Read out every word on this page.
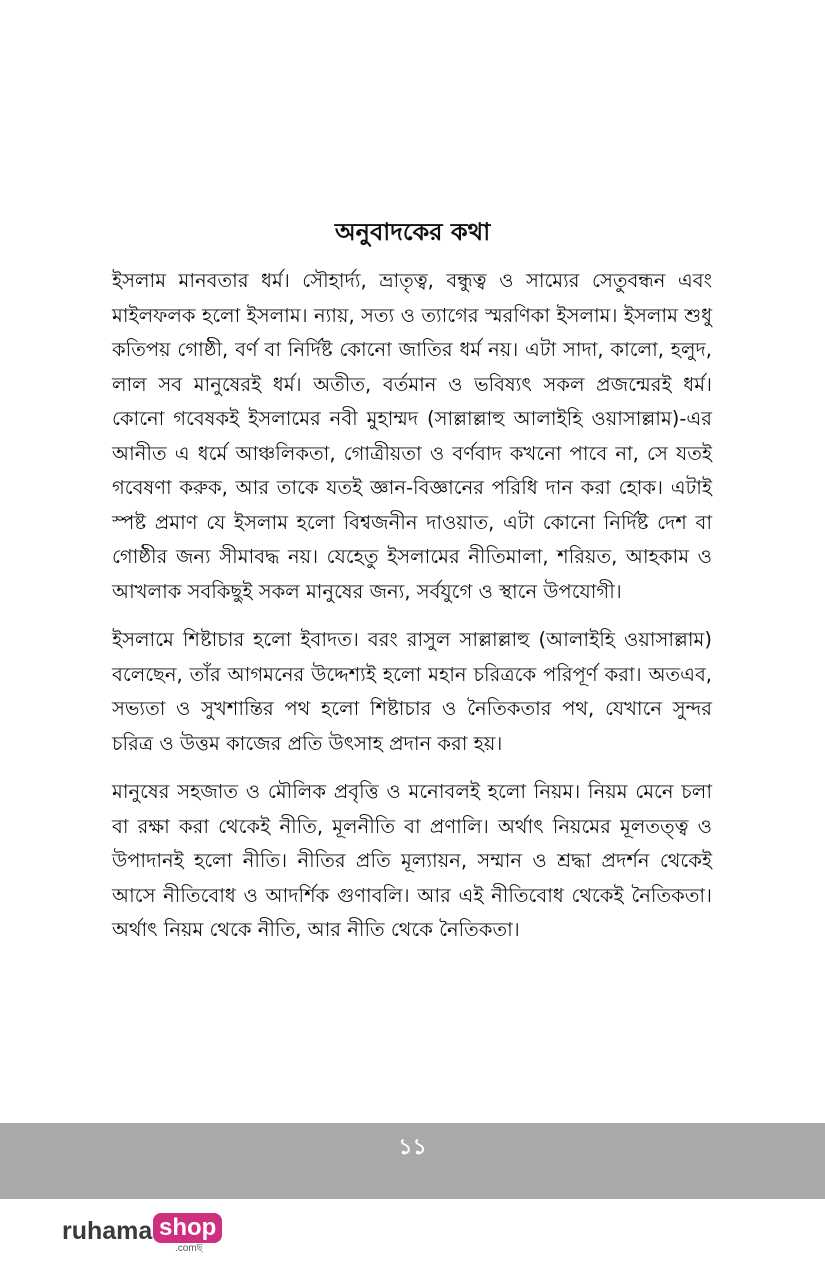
অনুবাদকের কথা

ইসলাম মানবতার ধর্ম। সৌহার্দ্য, ভ্রাতৃত্ব, বন্ধুত্ব ও সাম্যের সেতুবন্ধন এবং মাইলফলক হলো ইসলাম। ন্যায়, সত্য ও ত্যাগের স্মরণিকা ইসলাম। ইসলাম শুধু কতিপয় গোষ্ঠী, বর্ণ বা নির্দিষ্ট কোনো জাতির ধর্ম নয়। এটা সাদা, কালো, হলুদ, লাল সব মানুষেরই ধর্ম। অতীত, বর্তমান ও ভবিষ্যৎ সকল প্রজন্মেরই ধর্ম। কোনো গবেষকই ইসলামের নবী মুহাম্মদ (সাল্লাল্লাহু আলাইহি ওয়াসাল্লাম)-এর আনীত এ ধর্মে আঞ্চলিকতা, গোত্রীয়তা ও বর্ণবাদ কখনো পাবে না, সে যতই গবেষণা করুক, আর তাকে যতই জ্ঞান-বিজ্ঞানের পরিধি দান করা হোক। এটাই স্পষ্ট প্রমাণ যে ইসলাম হলো বিশ্বজনীন দাওয়াত, এটা কোনো নির্দিষ্ট দেশ বা গোষ্ঠীর জন্য সীমাবদ্ধ নয়। যেহেতু ইসলামের নীতিমালা, শরিয়ত, আহকাম ও আখলাক সবকিছুই সকল মানুষের জন্য, সর্বযুগে ও স্থানে উপযোগী।

ইসলামে শিষ্টাচার হলো ইবাদত। বরং রাসুল সাল্লাল্লাহু (আলাইহি ওয়াসাল্লাম) বলেছেন, তাঁর আগমনের উদ্দেশ্যই হলো মহান চরিত্রকে পরিপূর্ণ করা। অতএব, সভ্যতা ও সুখশান্তির পথ হলো শিষ্টাচার ও নৈতিকতার পথ, যেখানে সুন্দর চরিত্র ও উত্তম কাজের প্রতি উৎসাহ প্রদান করা হয়।

মানুষের সহজাত ও মৌলিক প্রবৃত্তি ও মনোবলই হলো নিয়ম। নিয়ম মেনে চলা বা রক্ষা করা থেকেই নীতি, মূলনীতি বা প্রণালি। অর্থাৎ নিয়মের মূলতত্ত্ব ও উপাদানই হলো নীতি। নীতির প্রতি মূল্যায়ন, সম্মান ও শ্রদ্ধা প্রদর্শন থেকেই আসে নীতিবোধ ও আদর্শিক গুণাবলি। আর এই নীতিবোধ থেকেই নৈতিকতা। অর্থাৎ নিয়ম থেকে নীতি, আর নীতি থেকে নৈতিকতা।

১১
ruhama shop
.comছ
